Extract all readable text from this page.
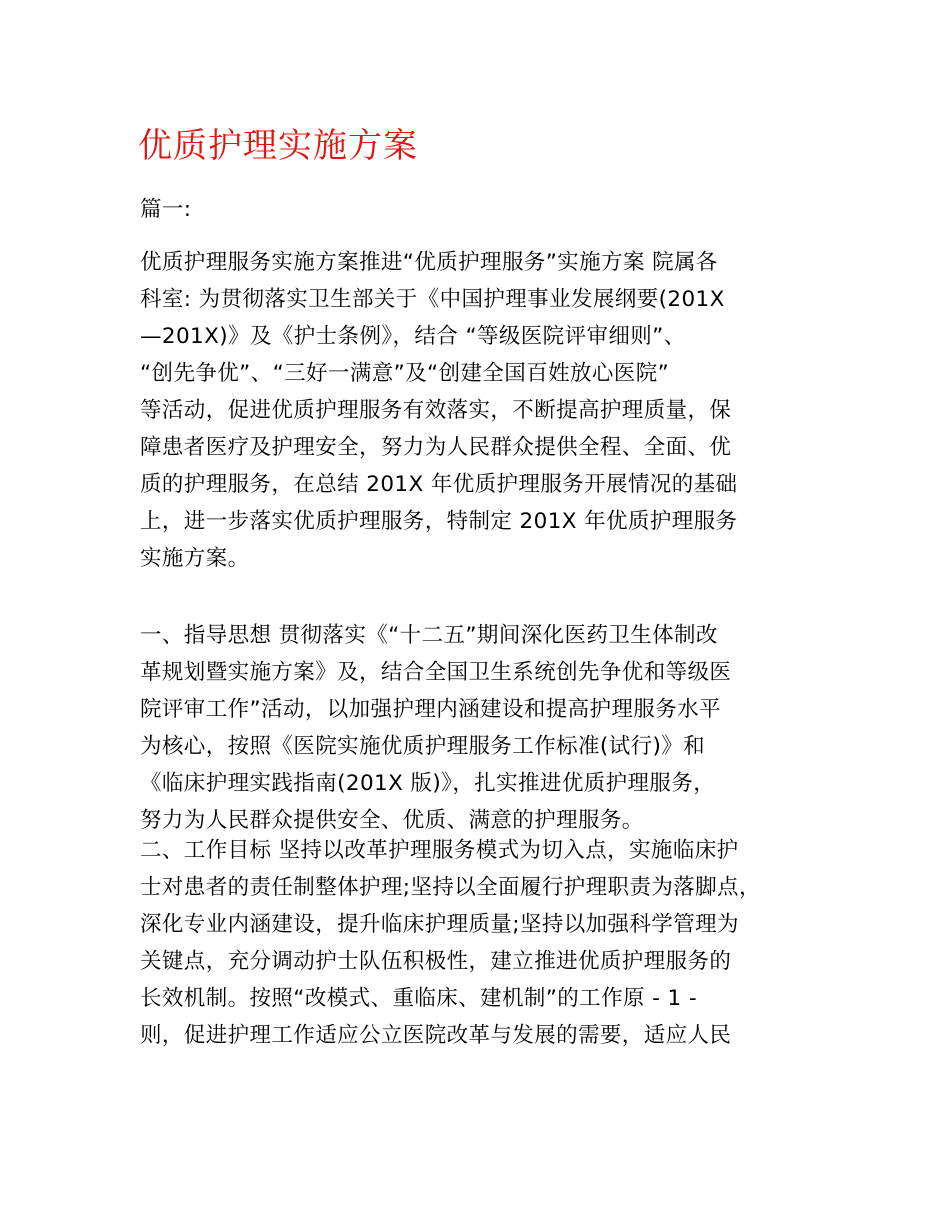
优质护理实施方案
篇一:
优质护理服务实施方案推进“优质护理服务”实施方案 院属各
科室: 为贯彻落实卫生部关于《中国护理事业发展纲要(201X
—201X)》及《护士条例》，结合 “等级医院评审细则”、
“创先争优”、“三好一满意”及“创建全国百姓放心医院”
等活动，促进优质护理服务有效落实，不断提高护理质量，保
障患者医疗及护理安全，努力为人民群众提供全程、全面、优
质的护理服务，在总结 201X 年优质护理服务开展情况的基础
上，进一步落实优质护理服务，特制定 201X 年优质护理服务
实施方案。
一、指导思想 贯彻落实《“十二五”期间深化医药卫生体制改
革规划暨实施方案》及，结合全国卫生系统创先争优和等级医
院评审工作”活动，以加强护理内涵建设和提高护理服务水平
为核心，按照《医院实施优质护理服务工作标准(试行)》和
《临床护理实践指南(201X 版)》，扎实推进优质护理服务，
努力为人民群众提供安全、优质、满意的护理服务。
二、工作目标 坚持以改革护理服务模式为切入点，实施临床护
士对患者的责任制整体护理;坚持以全面履行护理职责为落脚点，
深化专业内涵建设，提升临床护理质量;坚持以加强科学管理为
关键点，充分调动护士队伍积极性，建立推进优质护理服务的
长效机制。按照“改模式、重临床、建机制”的工作原 - 1 -
则，促进护理工作适应公立医院改革与发展的需要，适应人民
